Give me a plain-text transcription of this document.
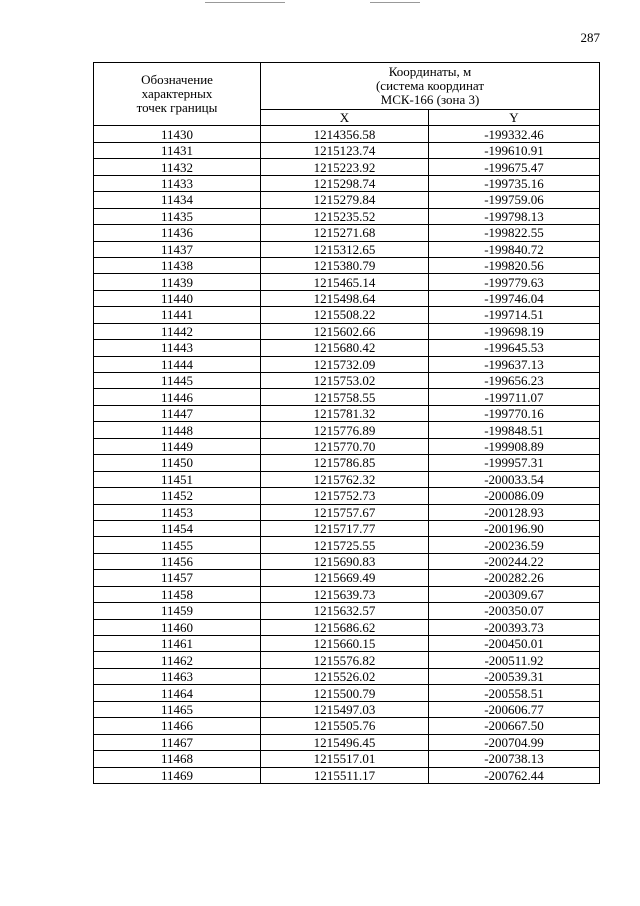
287
Обозначение
характерных
точек границы	Координаты, м
(система координат
МСК-166 (зона 3)	

	X	Y
11430	1214356.58	-199332.46
11431	1215123.74	-199610.91
11432	1215223.92	-199675.47
11433	1215298.74	-199735.16
11434	1215279.84	-199759.06
11435	1215235.52	-199798.13
11436	1215271.68	-199822.55
11437	1215312.65	-199840.72
11438	1215380.79	-199820.56
11439	1215465.14	-199779.63
11440	1215498.64	-199746.04
11441	1215508.22	-199714.51
11442	1215602.66	-199698.19
11443	1215680.42	-199645.53
11444	1215732.09	-199637.13
11445	1215753.02	-199656.23
11446	1215758.55	-199711.07
11447	1215781.32	-199770.16
11448	1215776.89	-199848.51
11449	1215770.70	-199908.89
11450	1215786.85	-199957.31
11451	1215762.32	-200033.54
11452	1215752.73	-200086.09
11453	1215757.67	-200128.93
11454	1215717.77	-200196.90
11455	1215725.55	-200236.59
11456	1215690.83	-200244.22
11457	1215669.49	-200282.26
11458	1215639.73	-200309.67
11459	1215632.57	-200350.07
11460	1215686.62	-200393.73
11461	1215660.15	-200450.01
11462	1215576.82	-200511.92
11463	1215526.02	-200539.31
11464	1215500.79	-200558.51
11465	1215497.03	-200606.77
11466	1215505.76	-200667.50
11467	1215496.45	-200704.99
11468	1215517.01	-200738.13
11469	1215511.17	-200762.44
